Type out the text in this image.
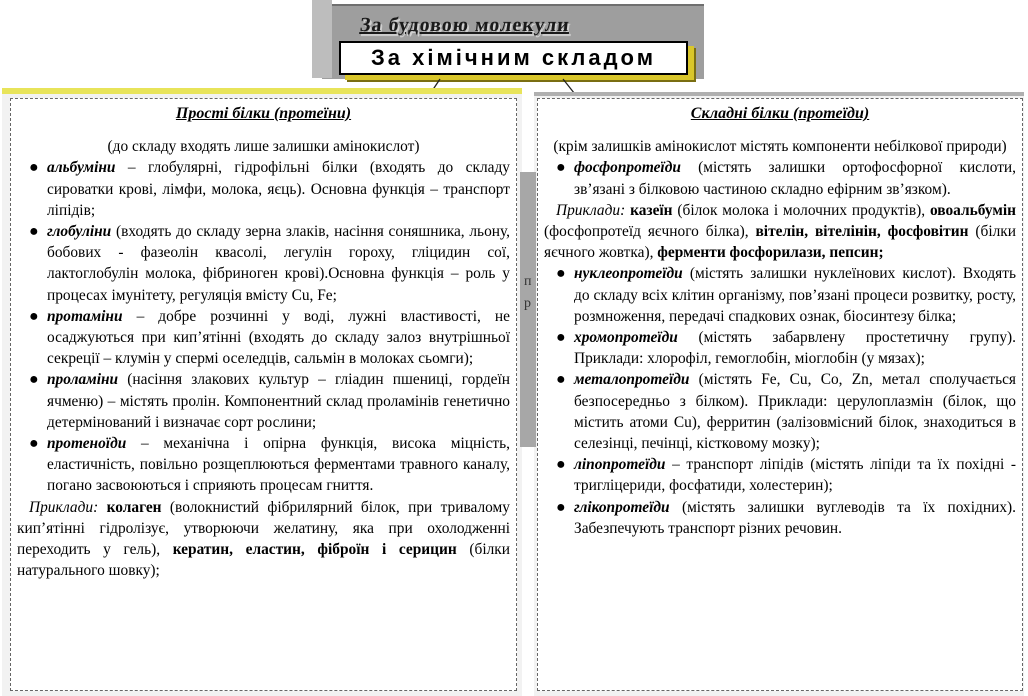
За будовою молекули
За хімічним складом
п
р

Прості білки (протеїни)

(до складу входять лише залишки амінокислот)

● альбуміни – глобулярні, гідрофільні білки (входять до складу сироватки крові, лімфи, молока, яєць). Основна функція – транспорт ліпідів;
● глобуліни (входять до складу зерна злаків, насіння соняшника, льону, бобових - фазеолін квасолі, легулін гороху, гліцидин сої, лактоглобулін молока, фібриноген крові).Основна функція – роль у процесах імунітету, регуляція вмісту Cu, Fe;
● протаміни – добре розчинні у воді, лужні властивості, не осаджуються при кип’ятінні (входять до складу залоз внутрішньої секреції – клумін у спермі оселедців, сальмін в молоках сьомги);
● проламіни (насіння злакових культур – гліадин пшениці, гордеїн ячменю) – містять пролін. Компонентний склад проламінів генетично детермінований і визначає сорт рослини;
● протеноїди – механічна і опірна функція, висока міцність, еластичність, повільно розщеплюються ферментами травного каналу, погано засвоюються і сприяють процесам гниття.

Приклади: колаген (волокнистий фібрилярний білок, при тривалому кип’ятінні гідролізує, утворюючи желатину, яка при охолодженні переходить у гель), кератин, еластин, фіброїн і серицин (білки натурального шовку);

Складні білки (протеїди)

(крім залишків амінокислот містять компоненти небілкової природи)

● фосфопротеїди (містять залишки ортофосфорної кислоти, зв’язані з білковою частиною складно ефірним зв’язком).

Приклади: казеїн (білок молока і молочних продуктів), овоальбумін (фосфопротеїд яєчного білка), вітелін, вітелінін, фосфовітин (білки яєчного жовтка), ферменти фосфорилази, пепсин;

● нуклеопротеїди (містять залишки нуклеїнових кислот). Входять до складу всіх клітин організму, пов’язані процеси розвитку, росту, розмноження, передачі спадкових ознак, біосинтезу білка;
● хромопротеїди (містять забарвлену простетичну групу). Приклади: хлорофіл, гемоглобін, міоглобін (у мязах);
● металопротеїди (містять Fe, Cu, Co, Zn, метал сполучається безпосередньо з білком). Приклади: церулоплазмін (білок, що містить атоми Cu), ферритин (залізовмісний білок, знаходиться в селезінці, печінці, кістковому мозку);
● ліпопротеїди – транспорт ліпідів (містять ліпіди та їх похідні - тригліцериди, фосфатиди, холестерин);
● глікопротеїди (містять залишки вуглеводів та їх похідних). Забезпечують транспорт різних речовин.
